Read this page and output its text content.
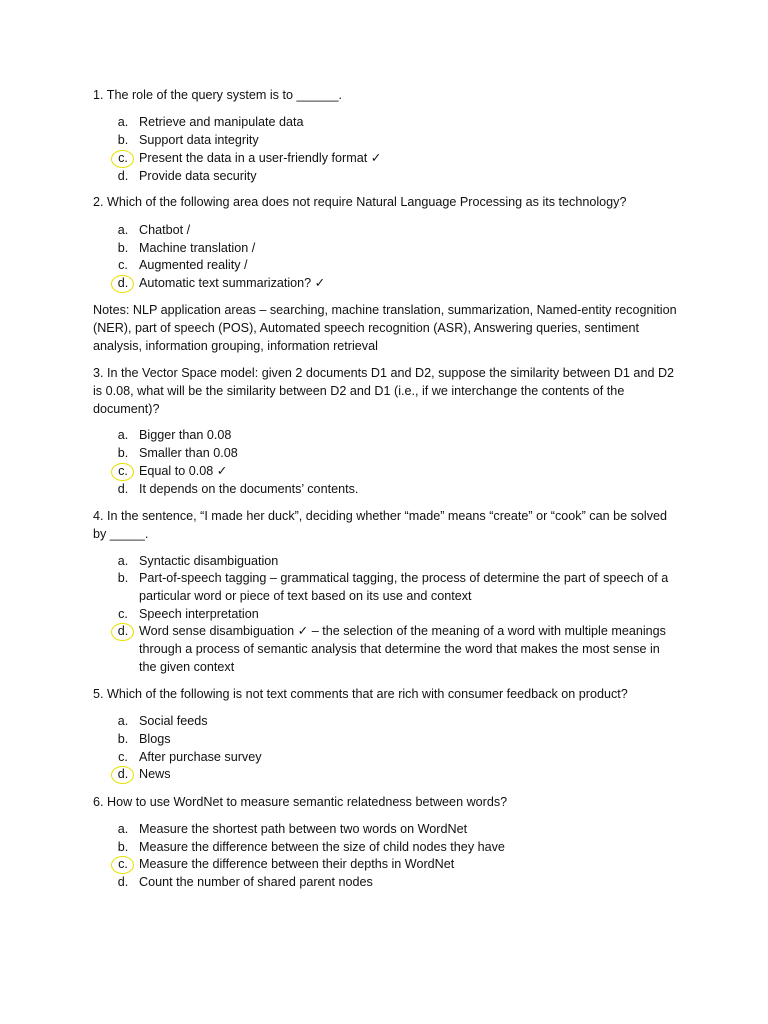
1. The role of the query system is to ______.

a. Retrieve and manipulate data
b. Support data integrity
c. Present the data in a user-friendly format ✓
d. Provide data security

2. Which of the following area does not require Natural Language Processing as its technology?

a. Chatbot /
b. Machine translation /
c. Augmented reality /
d. Automatic text summarization? ✓

Notes: NLP application areas – searching, machine translation, summarization, Named-entity recognition (NER), part of speech (POS), Automated speech recognition (ASR), Answering queries, sentiment analysis, information grouping, information retrieval

3. In the Vector Space model: given 2 documents D1 and D2, suppose the similarity between D1 and D2 is 0.08, what will be the similarity between D2 and D1 (i.e., if we interchange the contents of the document)?

a. Bigger than 0.08
b. Smaller than 0.08
c. Equal to 0.08 ✓
d. It depends on the documents’ contents.

4. In the sentence, “I made her duck”, deciding whether “made” means “create” or “cook” can be solved by _____.

a. Syntactic disambiguation
b. Part-of-speech tagging – grammatical tagging, the process of determine the part of speech of a particular word or piece of text based on its use and context
c. Speech interpretation
d. Word sense disambiguation ✓ – the selection of the meaning of a word with multiple meanings through a process of semantic analysis that determine the word that makes the most sense in the given context

5. Which of the following is not text comments that are rich with consumer feedback on product?

a. Social feeds
b. Blogs
c. After purchase survey
d. News

6. How to use WordNet to measure semantic relatedness between words?

a. Measure the shortest path between two words on WordNet
b. Measure the difference between the size of child nodes they have
c. Measure the difference between their depths in WordNet
d. Count the number of shared parent nodes
